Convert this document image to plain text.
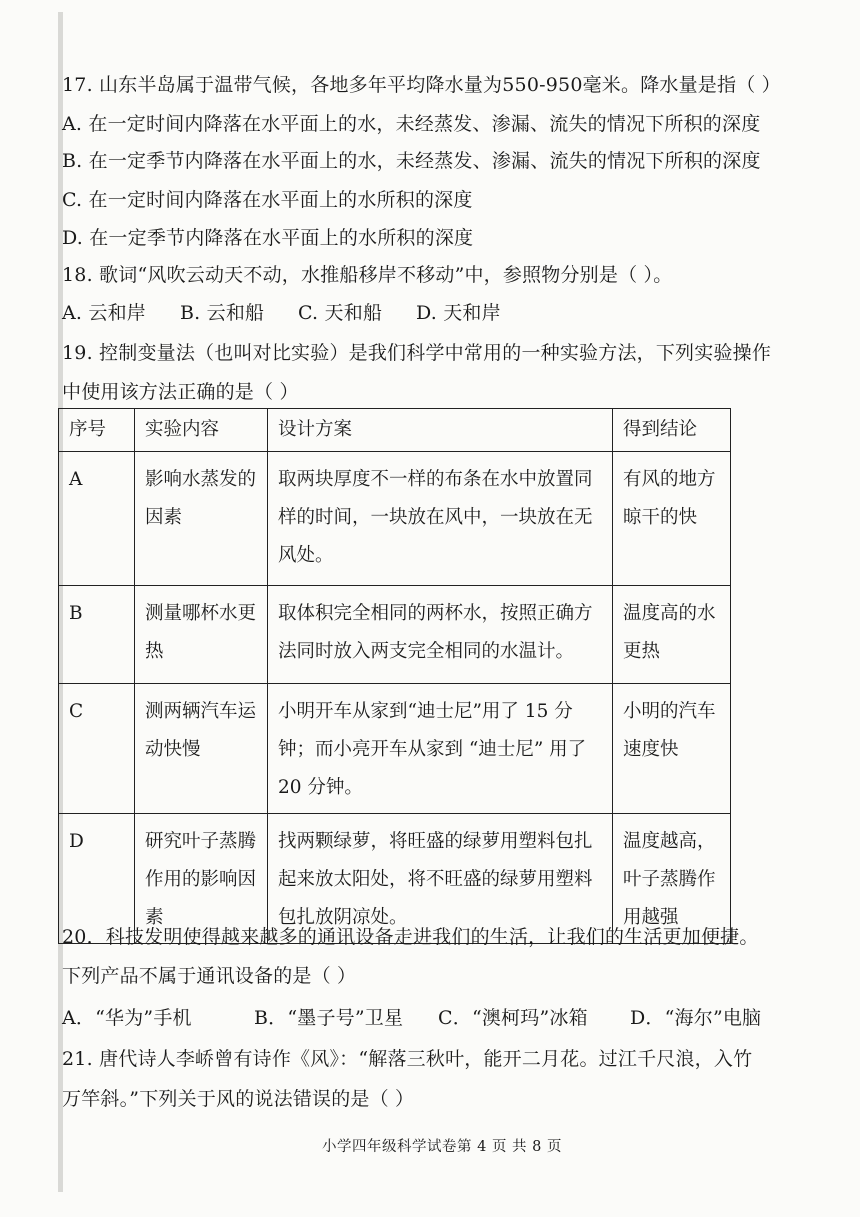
17. 山东半岛属于温带气候，各地多年平均降水量为550-950毫米。降水量是指（ ）
A. 在一定时间内降落在水平面上的水，未经蒸发、渗漏、流失的情况下所积的深度
B. 在一定季节内降落在水平面上的水，未经蒸发、渗漏、流失的情况下所积的深度
C. 在一定时间内降落在水平面上的水所积的深度
D. 在一定季节内降落在水平面上的水所积的深度
18. 歌词“风吹云动天不动，水推船移岸不移动”中，参照物分别是（ ）。
A. 云和岸 B. 云和船 C. 天和船 D. 天和岸
19. 控制变量法（也叫对比实验）是我们科学中常用的一种实验方法，下列实验操作
中使用该方法正确的是（ ）
序号	实验内容	设计方案	得到结论
A	影响水蒸发的因素	取两块厚度不一样的布条在水中放置同样的时间，一块放在风中，一块放在无风处。	有风的地方晾干的快
B	测量哪杯水更热	取体积完全相同的两杯水，按照正确方法同时放入两支完全相同的水温计。	温度高的水更热
C	测两辆汽车运动快慢	小明开车从家到“迪士尼”用了 15 分钟；而小亮开车从家到 “迪士尼” 用了 20 分钟。	小明的汽车速度快
D	研究叶子蒸腾作用的影响因素	找两颗绿萝，将旺盛的绿萝用塑料包扎起来放太阳处，将不旺盛的绿萝用塑料包扎放阴凉处。	温度越高，叶子蒸腾作用越强
20．科技发明使得越来越多的通讯设备走进我们的生活，让我们的生活更加便捷。
下列产品不属于通讯设备的是（ ）
A．“华为”手机	B．“墨子号”卫星 C．“澳柯玛”冰箱 D．“海尔”电脑
21. 唐代诗人李峤曾有诗作《风》：“解落三秋叶，能开二月花。过江千尺浪，入竹
万竿斜。”下列关于风的说法错误的是（ ）
小学四年级科学试卷第 4 页 共 8 页
